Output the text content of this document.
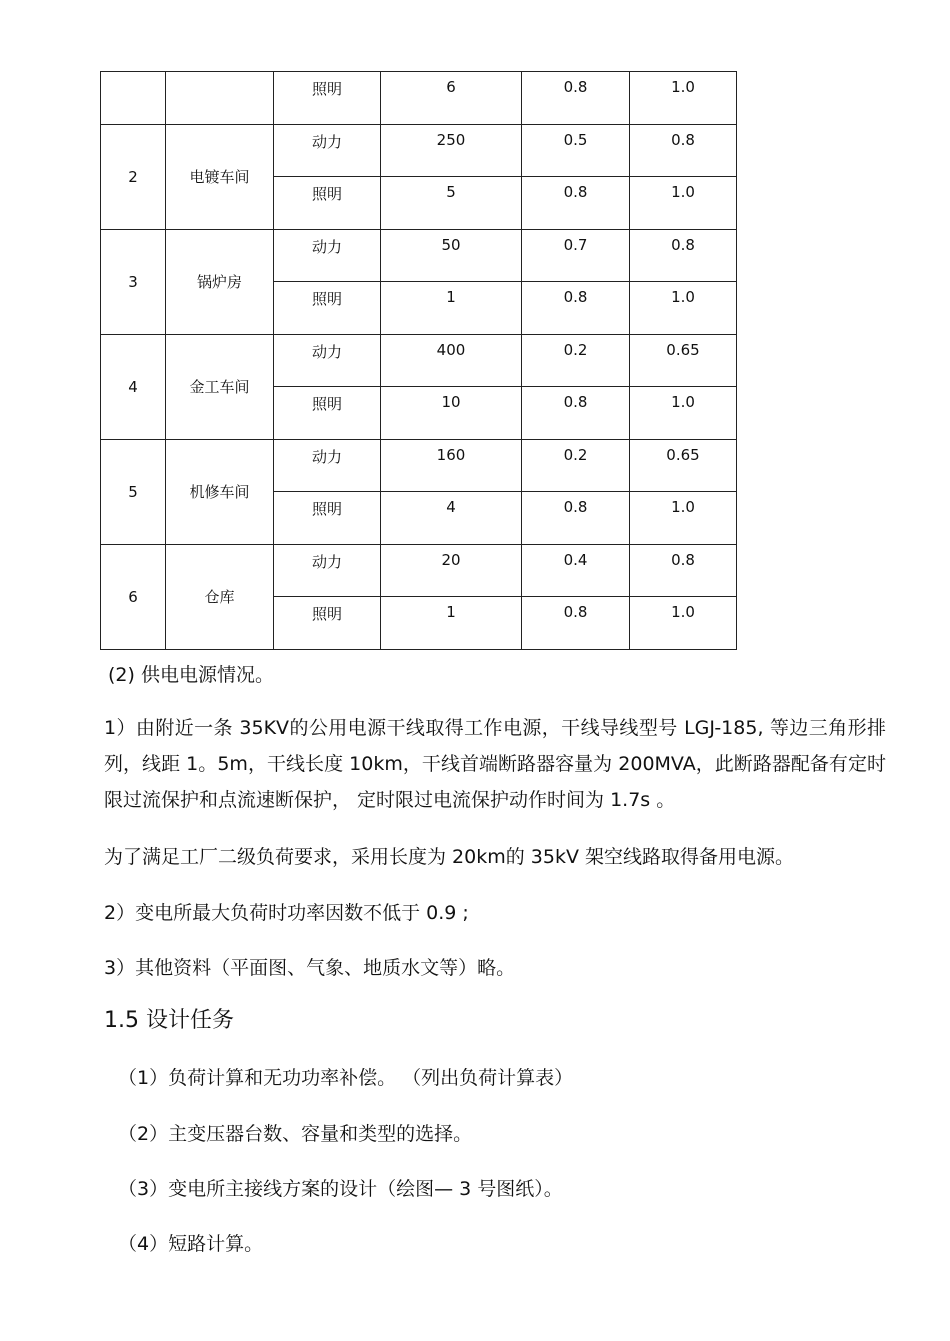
		照明	6	0.8	1.0
2	电镀车间	动力	250	0.5	0.8
		照明	5	0.8	1.0
3	锅炉房	动力	50	0.7	0.8
		照明	1	0.8	1.0
4	金工车间	动力	400	0.2	0.65
		照明	10	0.8	1.0
5	机修车间	动力	160	0.2	0.65
		照明	4	0.8	1.0
6	仓库	动力	20	0.4	0.8
		照明	1	0.8	1.0

(2) 供电电源情况。

1）由附近一条 35KV的公用电源干线取得工作电源，干线导线型号 LGJ-185, 等边三角形排列，线距 1。5m，干线长度 10km，干线首端断路器容量为 200MVA，此断路器配备有定时限过流保护和点流速断保护， 定时限过电流保护动作时间为 1.7s 。

为了满足工厂二级负荷要求，采用长度为 20km的 35kV 架空线路取得备用电源。

2）变电所最大负荷时功率因数不低于 0.9 ;

3）其他资料（平面图、气象、地质水文等）略。

1.5 设计任务

（1）负荷计算和无功功率补偿。 （列出负荷计算表）

（2）主变压器台数、容量和类型的选择。

（3）变电所主接线方案的设计（绘图— 3 号图纸）。

（4）短路计算。
